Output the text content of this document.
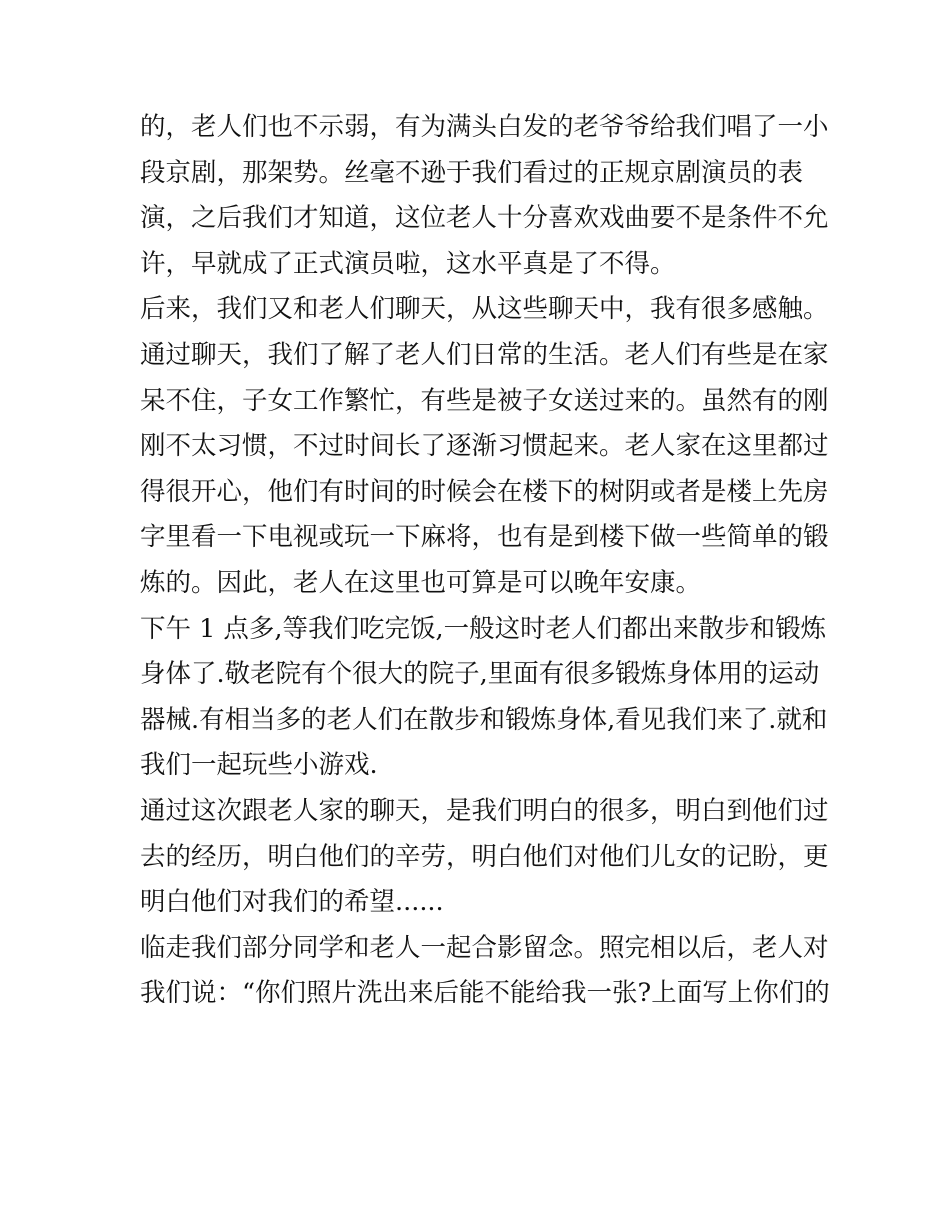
的，老人们也不示弱，有为满头白发的老爷爷给我们唱了一小
段京剧，那架势。丝毫不逊于我们看过的正规京剧演员的表
演，之后我们才知道，这位老人十分喜欢戏曲要不是条件不允
许，早就成了正式演员啦，这水平真是了不得。
后来，我们又和老人们聊天，从这些聊天中，我有很多感触。
通过聊天，我们了解了老人们日常的生活。老人们有些是在家
呆不住，子女工作繁忙，有些是被子女送过来的。虽然有的刚
刚不太习惯，不过时间长了逐渐习惯起来。老人家在这里都过
得很开心，他们有时间的时候会在楼下的树阴或者是楼上先房
字里看一下电视或玩一下麻将，也有是到楼下做一些简单的锻
炼的。因此，老人在这里也可算是可以晚年安康。
下午 1 点多,等我们吃完饭,一般这时老人们都出来散步和锻炼
身体了.敬老院有个很大的院子,里面有很多锻炼身体用的运动
器械.有相当多的老人们在散步和锻炼身体,看见我们来了.就和
我们一起玩些小游戏.
通过这次跟老人家的聊天，是我们明白的很多，明白到他们过
去的经历，明白他们的辛劳，明白他们对他们儿女的记盼，更
明白他们对我们的希望......
临走我们部分同学和老人一起合影留念。照完相以后，老人对
我们说：“你们照片洗出来后能不能给我一张?上面写上你们的
